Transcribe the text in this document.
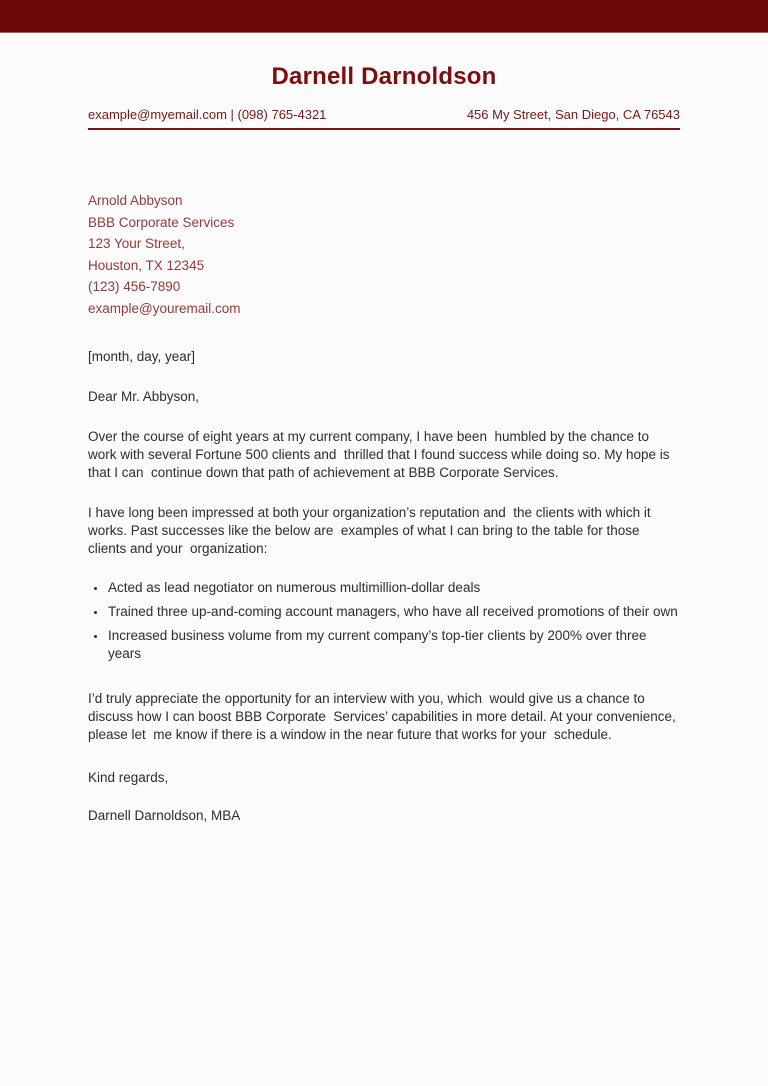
Darnell Darnoldson
example@myemail.com | (098) 765-4321	456 My Street, San Diego, CA 76543
Arnold Abbyson
BBB Corporate Services
123 Your Street,
Houston, TX 12345
(123) 456-7890
example@youremail.com
[month, day, year]
Dear Mr. Abbyson,

Over the course of eight years at my current company, I have been  humbled by the chance to work with several Fortune 500 clients and  thrilled that I found success while doing so. My hope is that I can  continue down that path of achievement at BBB Corporate Services.

I have long been impressed at both your organization’s reputation and  the clients with which it works. Past successes like the below are  examples of what I can bring to the table for those clients and your  organization:

• Acted as lead negotiator on numerous multimillion-dollar deals
• Trained three up-and-coming account managers, who have all received promotions of their own
• Increased business volume from my current company’s top-tier clients by 200% over three years

I’d truly appreciate the opportunity for an interview with you, which  would give us a chance to discuss how I can boost BBB Corporate  Services’ capabilities in more detail. At your convenience, please let  me know if there is a window in the near future that works for your  schedule.

Kind regards,
Darnell Darnoldson, MBA
